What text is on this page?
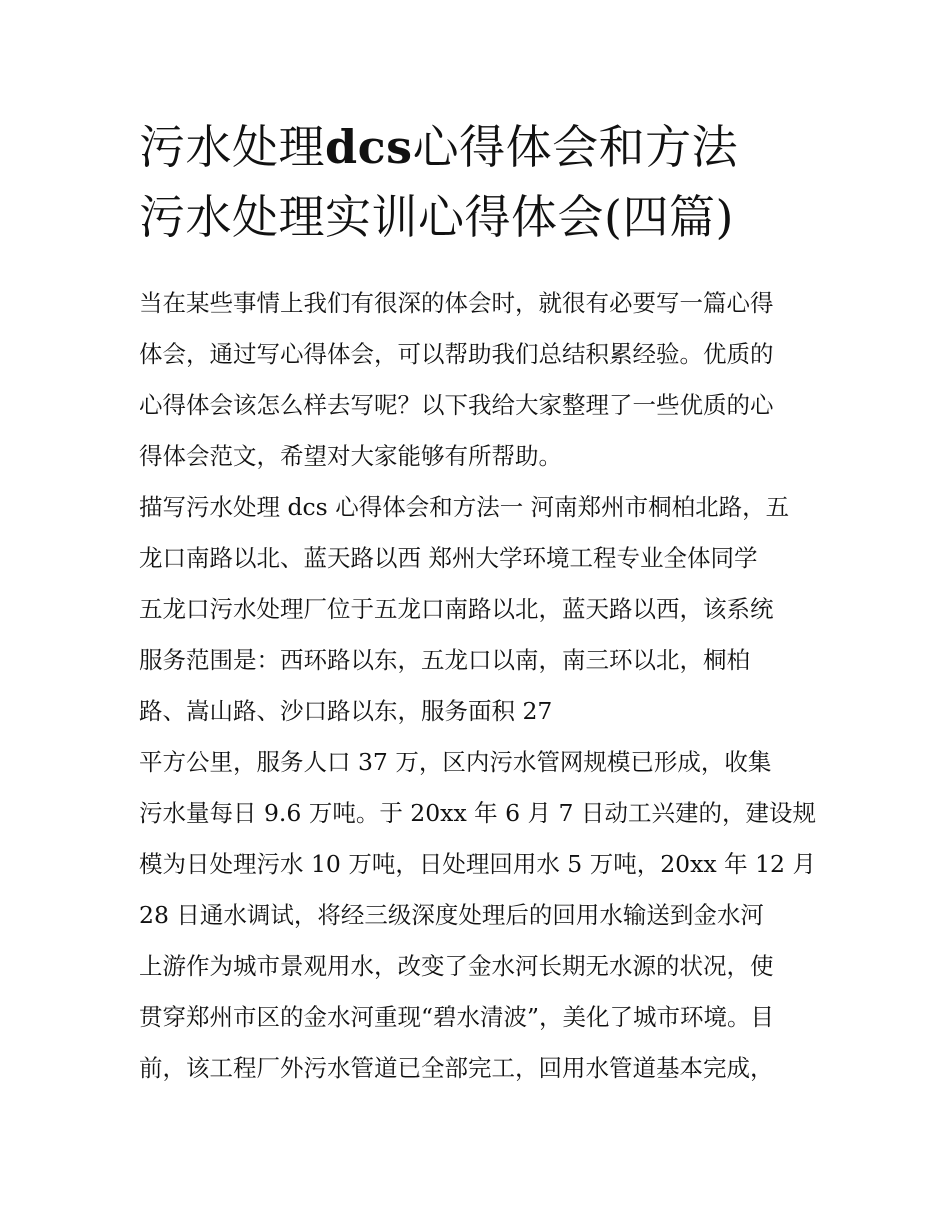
污水处理dcs心得体会和方法
污水处理实训心得体会(四篇)
当在某些事情上我们有很深的体会时，就很有必要写一篇心得
体会，通过写心得体会，可以帮助我们总结积累经验。优质的
心得体会该怎么样去写呢？以下我给大家整理了一些优质的心
得体会范文，希望对大家能够有所帮助。
描写污水处理 dcs 心得体会和方法一 河南郑州市桐柏北路，五
龙口南路以北、蓝天路以西 郑州大学环境工程专业全体同学
五龙口污水处理厂位于五龙口南路以北，蓝天路以西，该系统
服务范围是：西环路以东，五龙口以南，南三环以北，桐柏
路、嵩山路、沙口路以东，服务面积 27
平方公里，服务人口 37 万，区内污水管网规模已形成，收集
污水量每日 9.6 万吨。于 20xx 年 6 月 7 日动工兴建的，建设规
模为日处理污水 10 万吨，日处理回用水 5 万吨，20xx 年 12 月
28 日通水调试，将经三级深度处理后的回用水输送到金水河
上游作为城市景观用水，改变了金水河长期无水源的状况，使
贯穿郑州市区的金水河重现“碧水清波”，美化了城市环境。目
前，该工程厂外污水管道已全部完工，回用水管道基本完成，
